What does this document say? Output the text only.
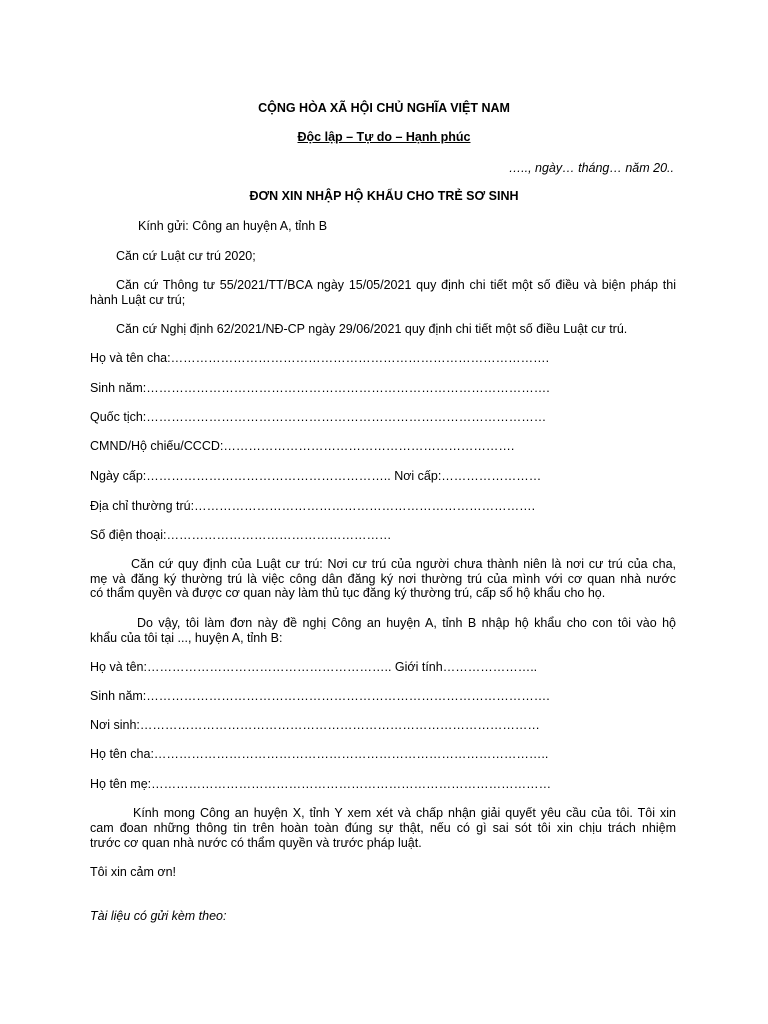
CỘNG HÒA XÃ HỘI CHỦ NGHĨA VIỆT NAM
Độc lập – Tự do – Hạnh phúc
….., ngày… tháng… năm 20..
ĐƠN XIN NHẬP HỘ KHẨU CHO TRẺ SƠ SINH
Kính gửi: Công an huyện A, tỉnh B
Căn cứ Luật cư trú 2020;
Căn cứ Thông tư 55/2021/TT/BCA ngày 15/05/2021 quy định chi tiết một số điều và biện pháp thi
hành Luật cư trú;
Căn cứ Nghị định 62/2021/NĐ-CP ngày 29/06/2021 quy định chi tiết một số điều Luật cư trú.
Họ và tên cha:……………………………………………………………………………….
Sinh năm:…………………………………………………………………………………….
Quốc tịch:……………………………………………………………………………………
CMND/Hộ chiếu/CCCD:…………………………………………………………….
Ngày cấp:………………………………………………….. Nơi cấp:……………………
Địa chỉ thường trú:……………………………………………………………………….
Số điện thoại:………………………………………………
Căn cứ quy định của Luật cư trú: Nơi cư trú của người chưa thành niên là nơi cư trú của cha,
mẹ và đăng ký thường trú là việc công dân đăng ký nơi thường trú của mình với cơ quan nhà nước
có thẩm quyền và được cơ quan này làm thủ tục đăng ký thường trú, cấp sổ hộ khẩu cho họ.
Do vậy, tôi làm đơn này đề nghị Công an huyện A, tỉnh B nhập hộ khẩu cho con tôi vào hộ
khẩu của tôi tại ..., huyện A, tỉnh B:
Họ và tên:………………………………………………….. Giới tính…………………..
Sinh năm:…………………………………………………………………………………….
Nơi sinh:……………………………………………………………………………………
Họ tên cha:…………………………………………………………………………………..
Họ tên mẹ:……………………………………………………………………………………
Kính mong Công an huyện X, tỉnh Y xem xét và chấp nhận giải quyết yêu cầu của tôi. Tôi xin
cam đoan những thông tin trên hoàn toàn đúng sự thật, nếu có gì sai sót tôi xin chịu trách nhiệm
trước cơ quan nhà nước có thẩm quyền và trước pháp luật.
Tôi xin cảm ơn!
Tài liệu có gửi kèm theo:
